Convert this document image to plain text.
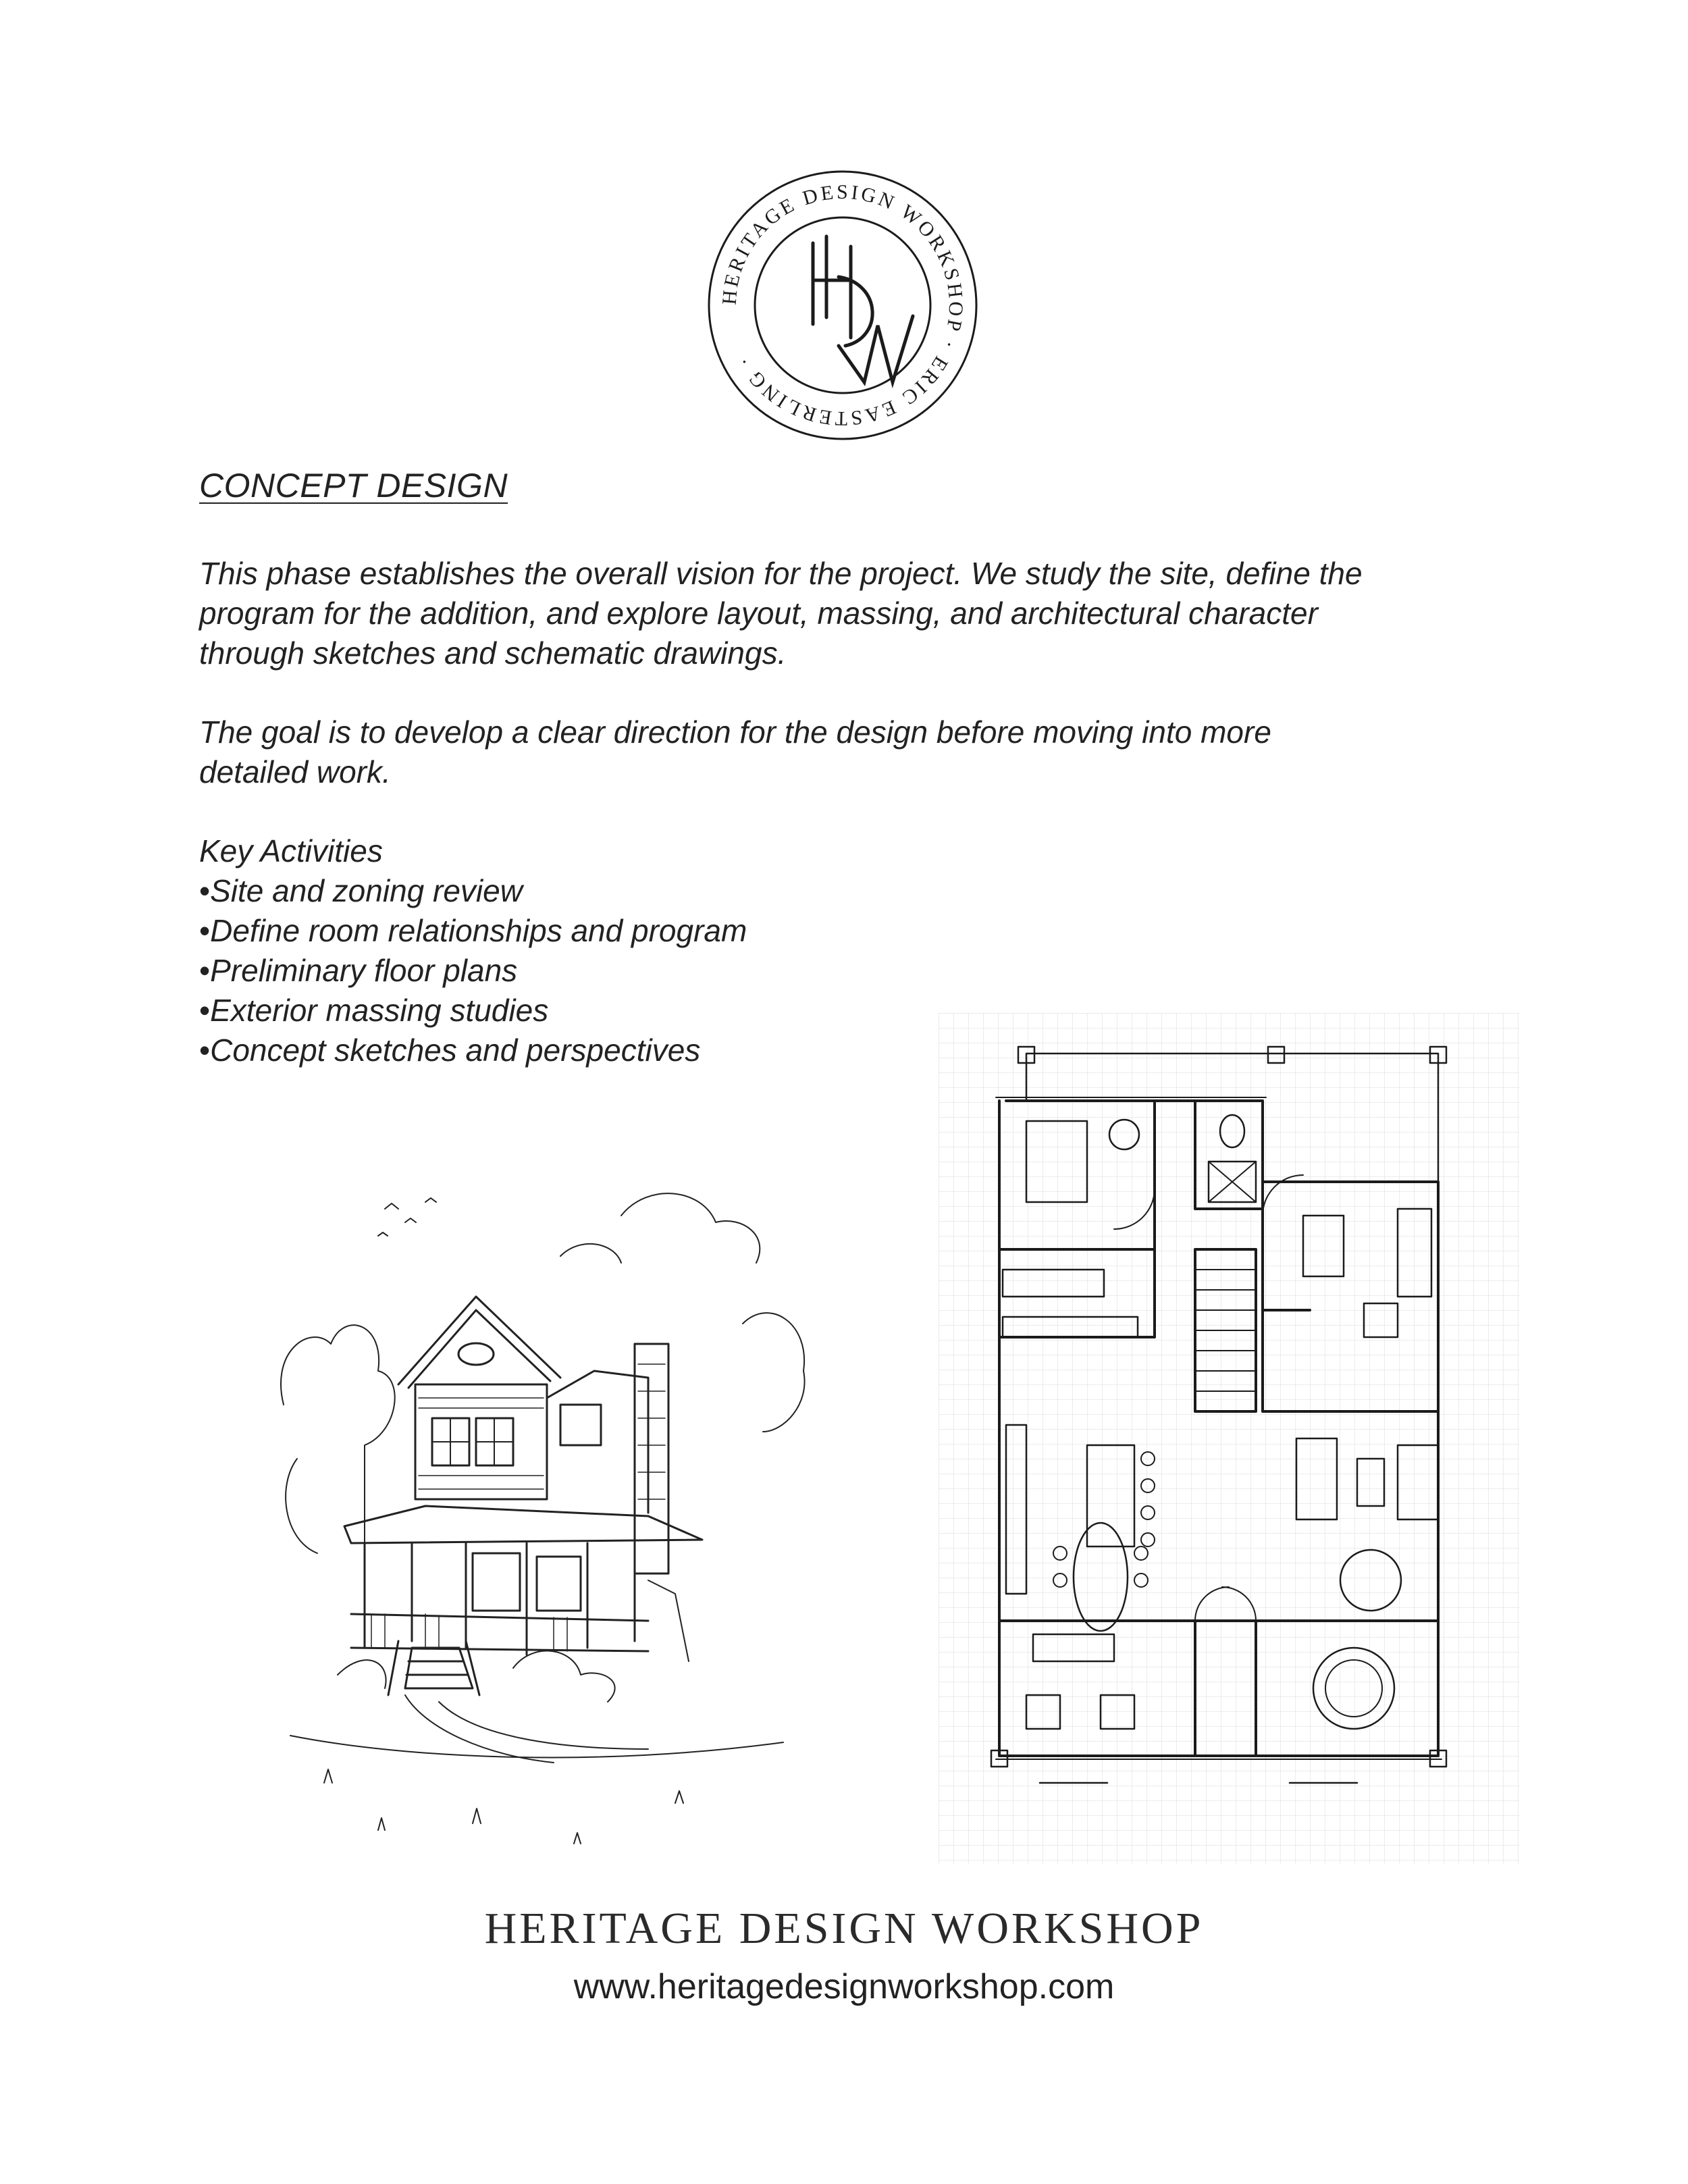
HERITAGE DESIGN WORKSHOP · ERIC EASTERLING ·
CONCEPT DESIGN

This phase establishes the overall vision for the project. We study the site, define the
program for the addition, and explore layout, massing, and architectural character
through sketches and schematic drawings.

The goal is to develop a clear direction for the design before moving into more
detailed work.

Key Activities

• Site and zoning review
• Define room relationships and program
• Preliminary floor plans
• Exterior massing studies
• Concept sketches and perspectives

HERITAGE DESIGN WORKSHOP

www.heritagedesignworkshop.com
